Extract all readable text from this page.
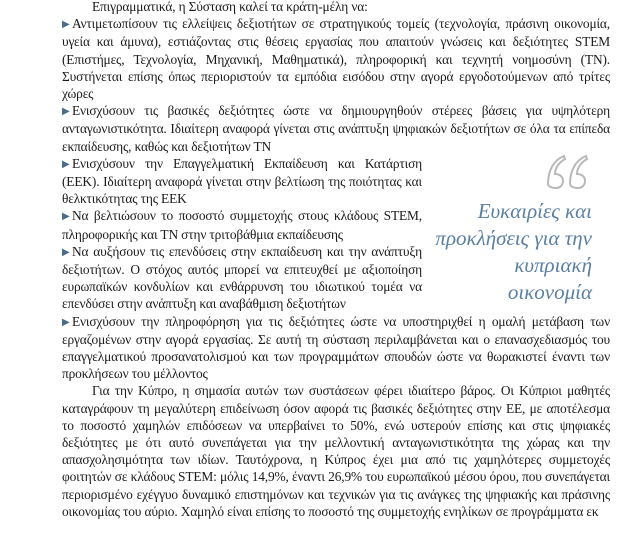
Επιγραμματικά, η Σύσταση καλεί τα κράτη-μέλη να:

▶ Αντιμετωπίσουν τις ελλείψεις δεξιοτήτων σε στρατηγικούς τομείς (τεχνολογία, πράσινη οικονομία, υγεία και άμυνα), εστιάζοντας στις θέσεις εργασίας που απαιτούν γνώσεις και δεξιότητες STEM (Επιστήμες, Τεχνολογία, Μηχανική, Μαθηματικά), πληροφορική και τεχνητή νοημοσύνη (ΤΝ). Συστήνεται επίσης όπως περιοριστούν τα εμπόδια εισόδου στην αγορά εργοδοτούμενων από τρίτες χώρες

▶ Ενισχύσουν τις βασικές δεξιότητες ώστε να δημιουργηθούν στέρεες βάσεις για υψηλότερη ανταγωνιστικότητα. Ιδιαίτερη αναφορά γίνεται στις ανάπτυξη ψηφιακών δεξιοτήτων σε όλα τα επίπεδα εκπαίδευσης, καθώς και δεξιοτήτων ΤΝ

▶ Ενισχύσουν την Επαγγελματική Εκπαίδευση και Κατάρτιση (ΕΕΚ). Ιδιαίτερη αναφορά γίνεται στην βελτίωση της ποιότητας και θελκτικότητας της ΕΕΚ

▶ Να βελτιώσουν το ποσοστό συμμετοχής στους κλάδους STEM, πληροφορικής και ΤΝ στην τριτοβάθμια εκπαίδευσης

▶ Να αυξήσουν τις επενδύσεις στην εκπαίδευση και την ανάπτυξη δεξιοτήτων. Ο στόχος αυτός μπορεί να επιτευχθεί με αξιοποίηση ευρωπαϊκών κονδυλίων και ενθάρρυνση του ιδιωτικού τομέα να επενδύσει στην ανάπτυξη και αναβάθμιση δεξιοτήτων

▶ Ενισχύσουν την πληροφόρηση για τις δεξιότητες ώστε να υποστηριχθεί η ομαλή μετάβαση των εργαζομένων στην αγορά εργασίας. Σε αυτή τη σύσταση περιλαμβάνεται και ο επανασχεδιασμός του επαγγελματικού προσανατολισμού και των προγραμμάτων σπουδών ώστε να θωρακιστεί έναντι των προκλήσεων του μέλλοντος

Για την Κύπρο, η σημασία αυτών των συστάσεων φέρει ιδιαίτερο βάρος. Οι Κύπριοι μαθητές καταγράφουν τη μεγαλύτερη επιδείνωση όσον αφορά τις βασικές δεξιότητες στην ΕΕ, με αποτέλεσμα το ποσοστό χαμηλών επιδόσεων να υπερβαίνει το 50%, ενώ υστερούν επίσης και στις ψηφιακές δεξιότητες με ότι αυτό συνεπάγεται για την μελλοντική ανταγωνιστικότητα της χώρας και την απασχολησιμότητα των ιδίων. Ταυτόχρονα, η Κύπρος έχει μια από τις χαμηλότερες συμμετοχές φοιτητών σε κλάδους STEM: μόλις 14,9%, έναντι 26,9% του ευρωπαϊκού μέσου όρου, που συνεπάγεται περιορισμένο εχέγγυο δυναμικό επιστημόνων και τεχνικών για τις ανάγκες της ψηφιακής και πράσινης οικονομίας του αύριο. Χαμηλό είναι επίσης το ποσοστό της συμμετοχής ενηλίκων σε προγράμματα εκ

Ευκαιρίες και προκλήσεις για την κυπριακή οικονομία
